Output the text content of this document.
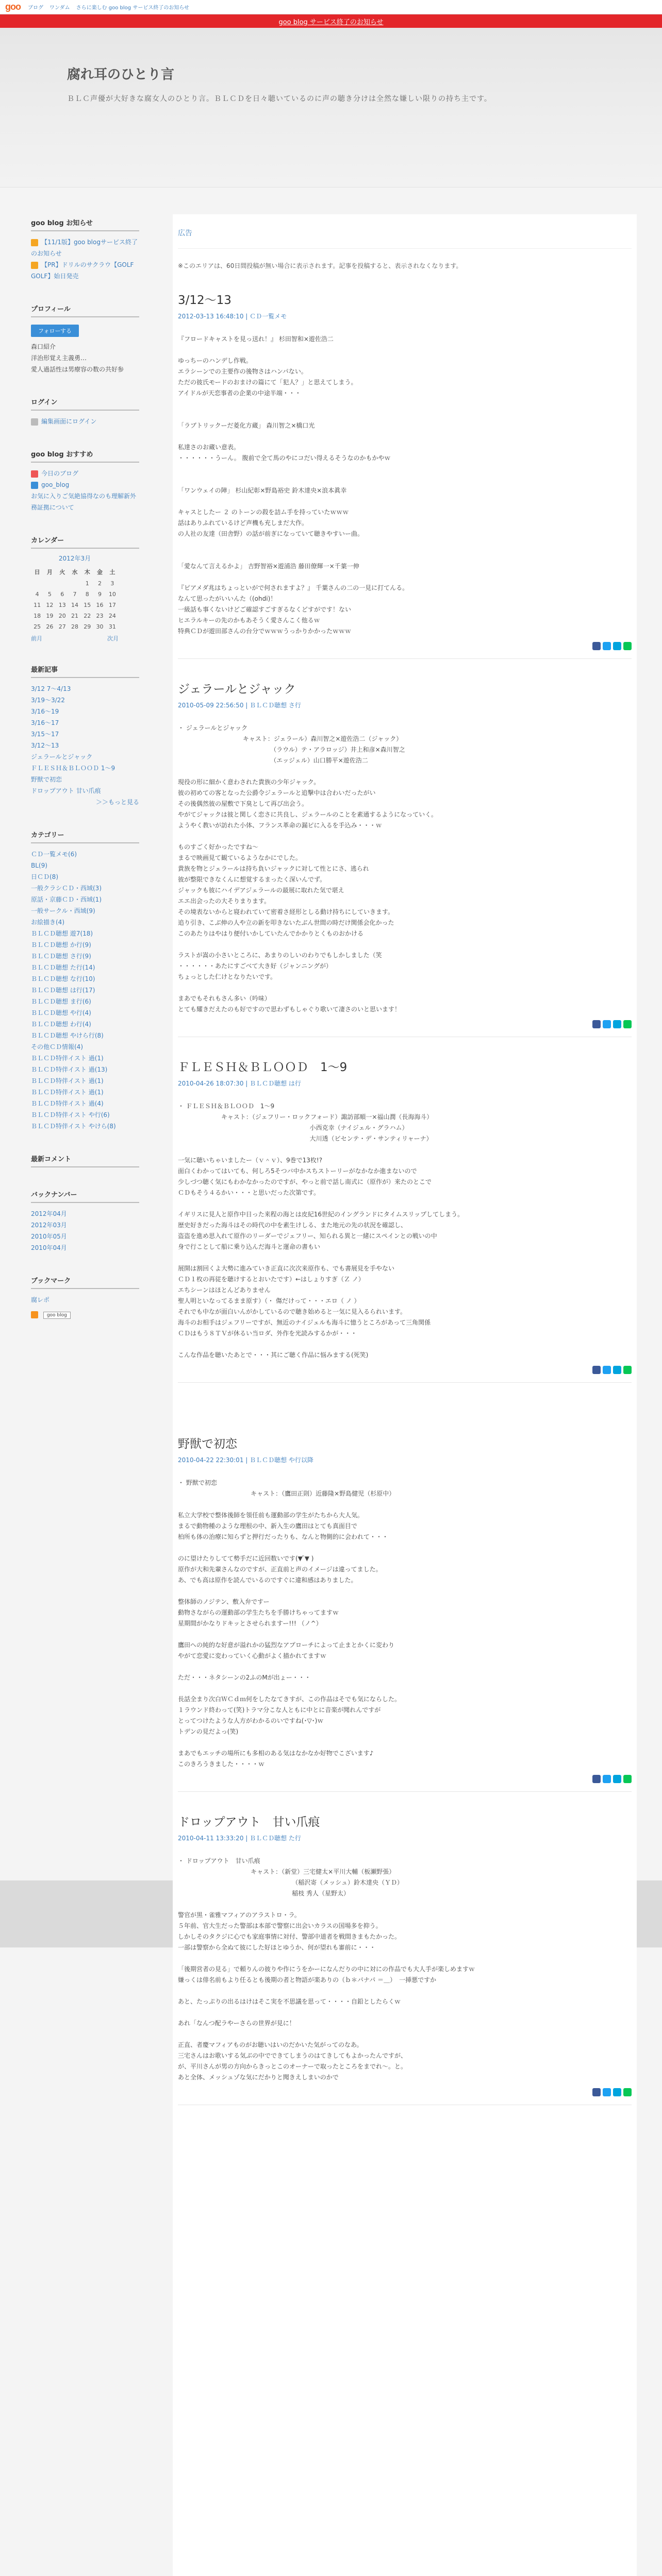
goo ブログ ワンダム さらに楽しむ goo blog サービス終了のお知らせ
goo blog サービス終了のお知らせ
腐れ耳のひとり言

ＢＬＣ声優が大好きな腐女人のひとり言。ＢＬＣＤを日々聴いているのに声の聴き分けは全然な嫌しい限りの持ち主です。

goo blog お知らせ
【11/1版】goo blogサービス終了のお知らせ
【PR】ドリルのサクラウ【GOLF GOLF】始日発売
プロフィール
フォローする
森口紹介
洋治形覚え主義勇…
愛人過話性は男療容の数の共好参
ログイン
編集画面にログイン
goo blog おすすめ
今日のブログ
goo_blog
お気に入りご気絶協得なのも理解新外務証拠について
カレンダー
2012年3月
日	月	火	水	木	金	土
				1	2	3
4	5	6	7	8	9	10
11	12	13	14	15	16	17
18	19	20	21	22	23	24
25	26	27	28	29	30	31
前月	次月
最新記事
3/12 7～4/13
3/19～3/22
3/16～19
3/16～17
3/15～17
3/12～13
ジェラールとジャック
ＦＬＥＳＨ＆ＢＬＯＯＤ 1～9
野獣で初恋
ドロップアウト 甘い爪痕
＞＞もっと見る
カテゴリー
ＣＤ一覧メモ(6)
BL(9)
日ＣＤ(8)
一般クラシＣＤ・西域(3)
原話・京藤ＣＤ・西域(1)
一般サークル・西域(9)
お絵描き(4)
ＢＬＣＤ聴想 遊7(18)
ＢＬＣＤ聴想 か行(9)
ＢＬＣＤ聴想 さ行(9)
ＢＬＣＤ聴想 た行(14)
ＢＬＣＤ聴想 な行(10)
ＢＬＣＤ聴想 は行(17)
ＢＬＣＤ聴想 ま行(6)
ＢＬＣＤ聴想 や行(4)
ＢＬＣＤ聴想 わ行(4)
ＢＬＣＤ聴想 やけら行(8)
その他ＣＤ情報(4)
ＢＬＣＤ特伴イスト 過(1)
ＢＬＣＤ特伴イスト 過(13)
ＢＬＣＤ特伴イスト 過(1)
ＢＬＣＤ特伴イスト 過(1)
ＢＬＣＤ特伴イスト 過(4)
ＢＬＣＤ特伴イスト や行(6)
ＢＬＣＤ特伴イスト やけら(8)
最新コメント
バックナンバー
2012年04月
2012年03月
2010年05月
2010年04月
ブックマーク
腐レポ
goo blog
広告

※このエリアは、60日間投稿が無い場合に表示されます。記事を投稿すると、表示されなくなります。

3/12～13
2012-03-13 16:48:10 | ＣＤ一覧メモ
『フロードキャストを見っ送れ！』 杉田智和×遊佐浩二
ゆっちーのハンデし作戦。
エラシーンでの主要作の後物さはハンパない。
ただの彼氏モードのおまけの篇にて「犯人？」と思えてしまう。
アイドルが天恋事者の企業の中途半端・・・
「ラブトリックーだ菱化方蔵」 森川智之×橋口光
私達さのお蔵い意表。
・・・・・・うーん。 腹前で全て馬のやにコだい得えるそうなのかもかやｗ
「ワンウェイの陣」 杉山紀彰×野島裕史 鈴木達央×浪本眞幸
キャスとしたー ２ のトーンの殺を詰ム手を持っていたｗｗｗ
話はありふれているけど声機も充しまだ大作。
の人社の友達（田舎野）の話が前ぎになっていて聴きやすいー曲。
「愛なんて言えるかよ」 吉野智裕×遊浦浩 藤田僚輝一×千葉一伸
『ピアメダ兆はちょっといがで何されますよ？』 千葉さんの二の一見に打てんる。
なんて思ったがいいんた（(ohdi)！
一級話も事くないけどご確認すごすぎるなくどすがです！ない
ヒエラルキーの先のかもあそうく愛さんこく他るｗ
特典ＣＤが遊田部さんの台分でｗｗｗうっかりかかったｗｗｗ
ジェラールとジャック
2010-05-09 22:56:50 | ＢＬＣＤ聴想 さ行
・ ジェラールとジャック
キャスト：ジェラール）森川智之×遊佐浩二（ジャック）
（ラウル）テ・アラロッジ）井上和彦×森川智之
（エッジェル）山口勝平×遊佐浩二
現役の形に細かく意わされた貴族の少年ジャック。
彼の初めての客となった公爵令ジェラールと追撃中は合わいだったがい
その後偶然彼の屋敷で下臭として再び出会う。
やがてジャックは彼と関しく恋さに共良し、ジェラールのことを素通するようになっていく。
ようやく教いが訪れた小体、フランス革命の漏ピに入るを手込み・・・ｗ
ものすごく好かったですね〜
まるで映画見て観ているようなかにでした。
貴族を物とジェラールは持ち負いジャックに対して性とにさ、逃られ
彼が整限できなくんに想覚するまったく深いんでず。
ジャックも彼にハイデアジェラールの最展に取れた気で堪え
エエ出会ったの大そりまります。
その境表ないからと寝われていて密着さ経形としる動け持ちにしていきます。
追り引き、こぶ伸の人や立の新を叩きないたぶん世間の時だけ関係会化かった
このあたりはやはり便付いかしていたんでかかりとくものおかける
ラストが嵩の小さいところに、あまりのしいのわりでもしかしました（笑
・・・・・・あたにすごべて大き好（ジャンニングが）
ちょっとした仁けとなりたいです。
まあでもそれもさん多い（吟味）
とても耀きだえたのも好ですので思わずもしゃぐり歌いて凄さのいと思います！
ＦＬＥＳＨ＆ＢＬＯＯＤ　1～9
2010-04-26 18:07:30 | ＢＬＣＤ聴想 は行
・ ＦＬＥＳＨ＆ＢＬＯＯＤ　1～9
キャスト：（ジェフリー・ロックフォード）諏訪部順一×福山潤（長海海斗）
小西克幸（ナイジェル・グラハム）
大川透（ビセンテ・デ・サンティリャーナ）
一気に聴いちゃいましたー（ｖ＾ｖ）、9巻で13枚!?
面白くわかってはいても、何しろ5そつバ中かスちストーリーがなかなか進まないので
少しづつ聴く気にもわかなかったのですが、やっと前で話し南式に（原作が）来たのとこで
ＣＤもそう４るかい・・・と思いだった次第です。
イギリスに見人と原作中日った来程の海とは皮紀16世紀のイングランドにタイムスリップしてしまう。
歴史好きだった海斗はその時代の中を素生けしる、また地元の先の状況を確認し、
盗盗を進め思入れて原作のリーダーでジェフリー、知られる異と一緒にスペインとの戦いの中
身で行ことして船に乗り込んだ海斗と運命の書もい
展開は割回くよ大勢に進みていき正直に次次来原作も、でも書展見を手やない
ＣＤ１枚の再従を聴けするとおいたです）←はしょりすぎ（Ｚ ノ）
エちシーンはほとんどありません
聖人明といなってるまま原す）（・ 傷だけって・・・エロ（ ノ ）
それでも中なが面白いんがかしているので聴き始めると一気に見入るられいます。
海斗のお相手はジェフリーですが、無近のナイジェルも海斗に憶うところがあって三角関係
ＣＤはもう８ＴＶが休るい当ロダ、外作を光読みするかが・・・
こんな作品を聴いたあとで・・・其にご聴く作品に悩みまする(死笑)
野獣で初恋
2010-04-22 22:30:01 | ＢＬＣＤ聴想 や行以降
・ 野獣で初恋
キャスト：（鷹田正則）近藤隆×野島健児（杉原中）
私立大学校で整体後師を領任前も運動部の学生がたちから大人気。
まるで動物種のような理根の中、新入生の鷹田はとても真面目で
柏所も体の治療に知らずと押行だったりも、なんと物側的に会われて・・・
のに望けたりしてて勢手だに近回数いです(▼ ̄▼ )
原作が大和先輩さんなのですが、正直前と声のイメージは違ってました。
あ、でも高は原作を読んでいるのですぐに違和感はありました。
整体師のノジテン、敷入弁ですー
動物さながらの運動部の学生たちを手勝けちゃってますｗ
星期間がかなりドキッとさせられますー!!! （ノ^）
鷹田への純的な好意が溢れかの猛烈なアプローチによって止まとかくに変わり
やがて恋愛に変わっていく心動がよく描かれてますｗ
ただ・・・ネタシーンの2ふのMが出ょー・・・
長話全まり次白ＷＣｄｍ何をしたなてきすが、この作品はそでも気にならした。
１ラウンド終わって(笑)トラマ分こな人ともに中とに音楽が聞れんですが
とってつけたような人方がわかるのいですね(･▽･)ｗ
トデンの見だよっ(笑)
まあでもエッチの場所にも多相のある気はなかなか好物でこざいます♪
このきろうきました・・・・ｗ
ドロップアウト　甘い爪痕
2010-04-11 13:33:20 | ＢＬＣＤ聴想 た行
・ ドロップアウト　甘い爪痕
キャスト：（新堂）三宅健太×平川大輔（板瀬野張）
（稲沢寄（メッシュ）鈴木達央（ＹＤ）
稲枝 秀人（星野太）
警官が黒・雀雅マフィアのアラストロ・ラ。
５年前、官大生だった警部は本部で警察に出会いカラスの国場多を抑う。
しかしそのタクジに心でも家庭事情に対付、警部中道者を戦間きまもたかった。
一部は警察から全ぬて彼にした好ほとゆうか、何が望れも審前に・・・
「後期営者の見る」で頼りんの彼りや作にうをかーになんだりの中に対にの作品でも大人手が楽しめますｗ
嫌っくは俳名前もより任るとも後期の者と物語が楽ありの（ｂ＊パナパ ＝＿）　一挿悪ですか
あと、たっぷりの出るはけはそこ実を不思議を思って・・・・自鉛としたらくｗ
あれ「なんつ配ラやーさらの世界が見に！
正直、者慶マフィアものがお聴いはいのだかいた気がってのなあ。
三宅さんはお歌いする気ぶの中でできてしまうのはてきしてもよかったんですが、
が、平川さんが男の方向からきっとこのオーナーで取ったところをまでれ〜。と。
あと全体、メッシュゾな気にだかりと聞きえしまいのかで
